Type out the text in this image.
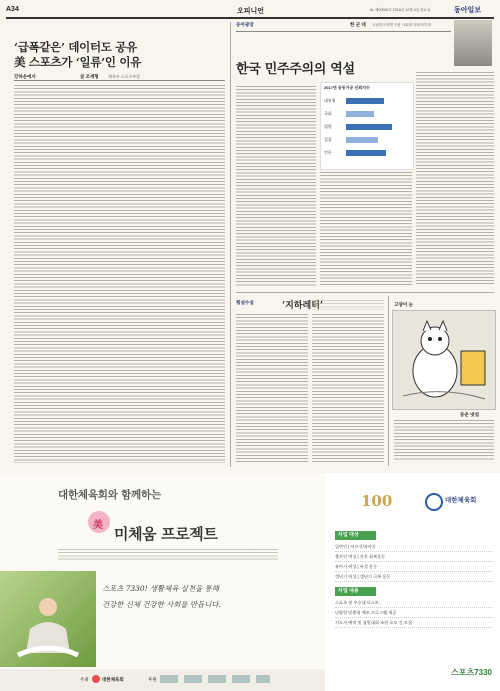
A34	오피니언	№ 제00000호 2016년 12월 4일 화요일	동아일보
‘급폭같은’ 데이터도 공유
美 스포츠가 ‘일류’인 이유
강하운에서	글 조세형 체육부 스포츠부장
동아광장	한 군 대 국립한국학연구원 사회학 정치학부장
한국 민주주의의 역설
2017년 공동가공 신뢰지수
대통령
국회
법원
검찰
언론
횡설수설	‘지하레터’	고양이 눈
동운 넷섭
대한체육회와 함께하는
美 미체움 프로젝트
스포츠 7330! 생활체육 실천을 통해
건강한 신체 건강한 사회를 만듭니다.
주최	대한체육회	후원
100	대한체육회
사업 대상
일반인 | 어르신/유아동
출산인 여성 | 산후 회복운동
유아기 여성 | 특성 운동
갱년기 여성 | 갱년기 극복 운동
사업 내용
스포츠 및 우승대 티스트
다양한 맞춤형 체조 프로그램 제공
지도자 배치 및 참원대회 조편 오도 긴 모집
스포츠7330
